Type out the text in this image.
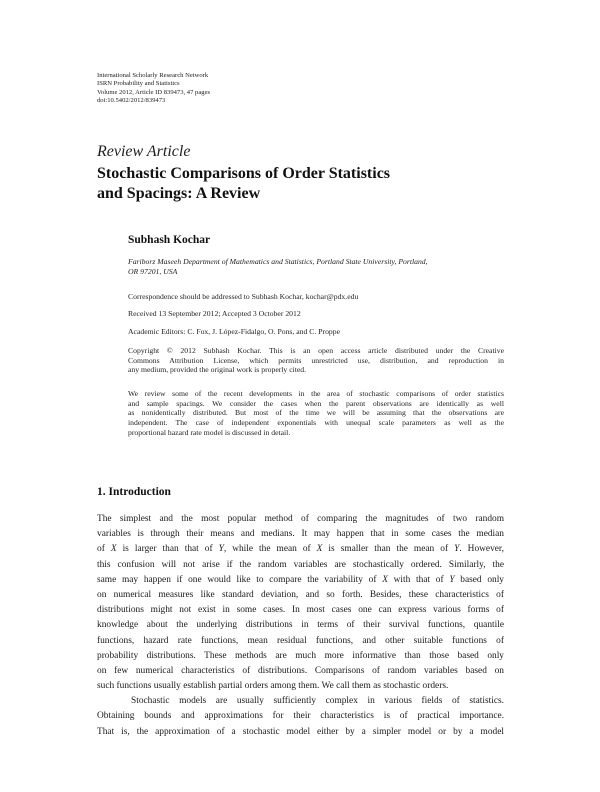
International Scholarly Research Network
ISRN Probability and Statistics
Volume 2012, Article ID 839473, 47 pages
doi:10.5402/2012/839473
Review Article
Stochastic Comparisons of Order Statistics
and Spacings: A Review
Subhash Kochar
Fariborz Maseeh Department of Mathematics and Statistics, Portland State University, Portland,
OR 97201, USA
Correspondence should be addressed to Subhash Kochar, kochar@pdx.edu
Received 13 September 2012; Accepted 3 October 2012
Academic Editors: C. Fox, J. López-Fidalgo, O. Pons, and C. Proppe
Copyright © 2012 Subhash Kochar. This is an open access article distributed under the Creative
Commons Attribution License, which permits unrestricted use, distribution, and reproduction in
any medium, provided the original work is properly cited.
We review some of the recent developments in the area of stochastic comparisons of order statistics
and sample spacings. We consider the cases when the parent observations are identically as well
as nonidentically distributed. But most of the time we will be assuming that the observations are
independent. The case of independent exponentials with unequal scale parameters as well as the
proportional hazard rate model is discussed in detail.
1. Introduction
The simplest and the most popular method of comparing the magnitudes of two random
variables is through their means and medians. It may happen that in some cases the median
of X is larger than that of Y, while the mean of X is smaller than the mean of Y. However,
this confusion will not arise if the random variables are stochastically ordered. Similarly, the
same may happen if one would like to compare the variability of X with that of Y based only
on numerical measures like standard deviation, and so forth. Besides, these characteristics of
distributions might not exist in some cases. In most cases one can express various forms of
knowledge about the underlying distributions in terms of their survival functions, quantile
functions, hazard rate functions, mean residual functions, and other suitable functions of
probability distributions. These methods are much more informative than those based only
on few numerical characteristics of distributions. Comparisons of random variables based on
such functions usually establish partial orders among them. We call them as stochastic orders.
Stochastic models are usually sufficiently complex in various fields of statistics.
Obtaining bounds and approximations for their characteristics is of practical importance.
That is, the approximation of a stochastic model either by a simpler model or by a model
